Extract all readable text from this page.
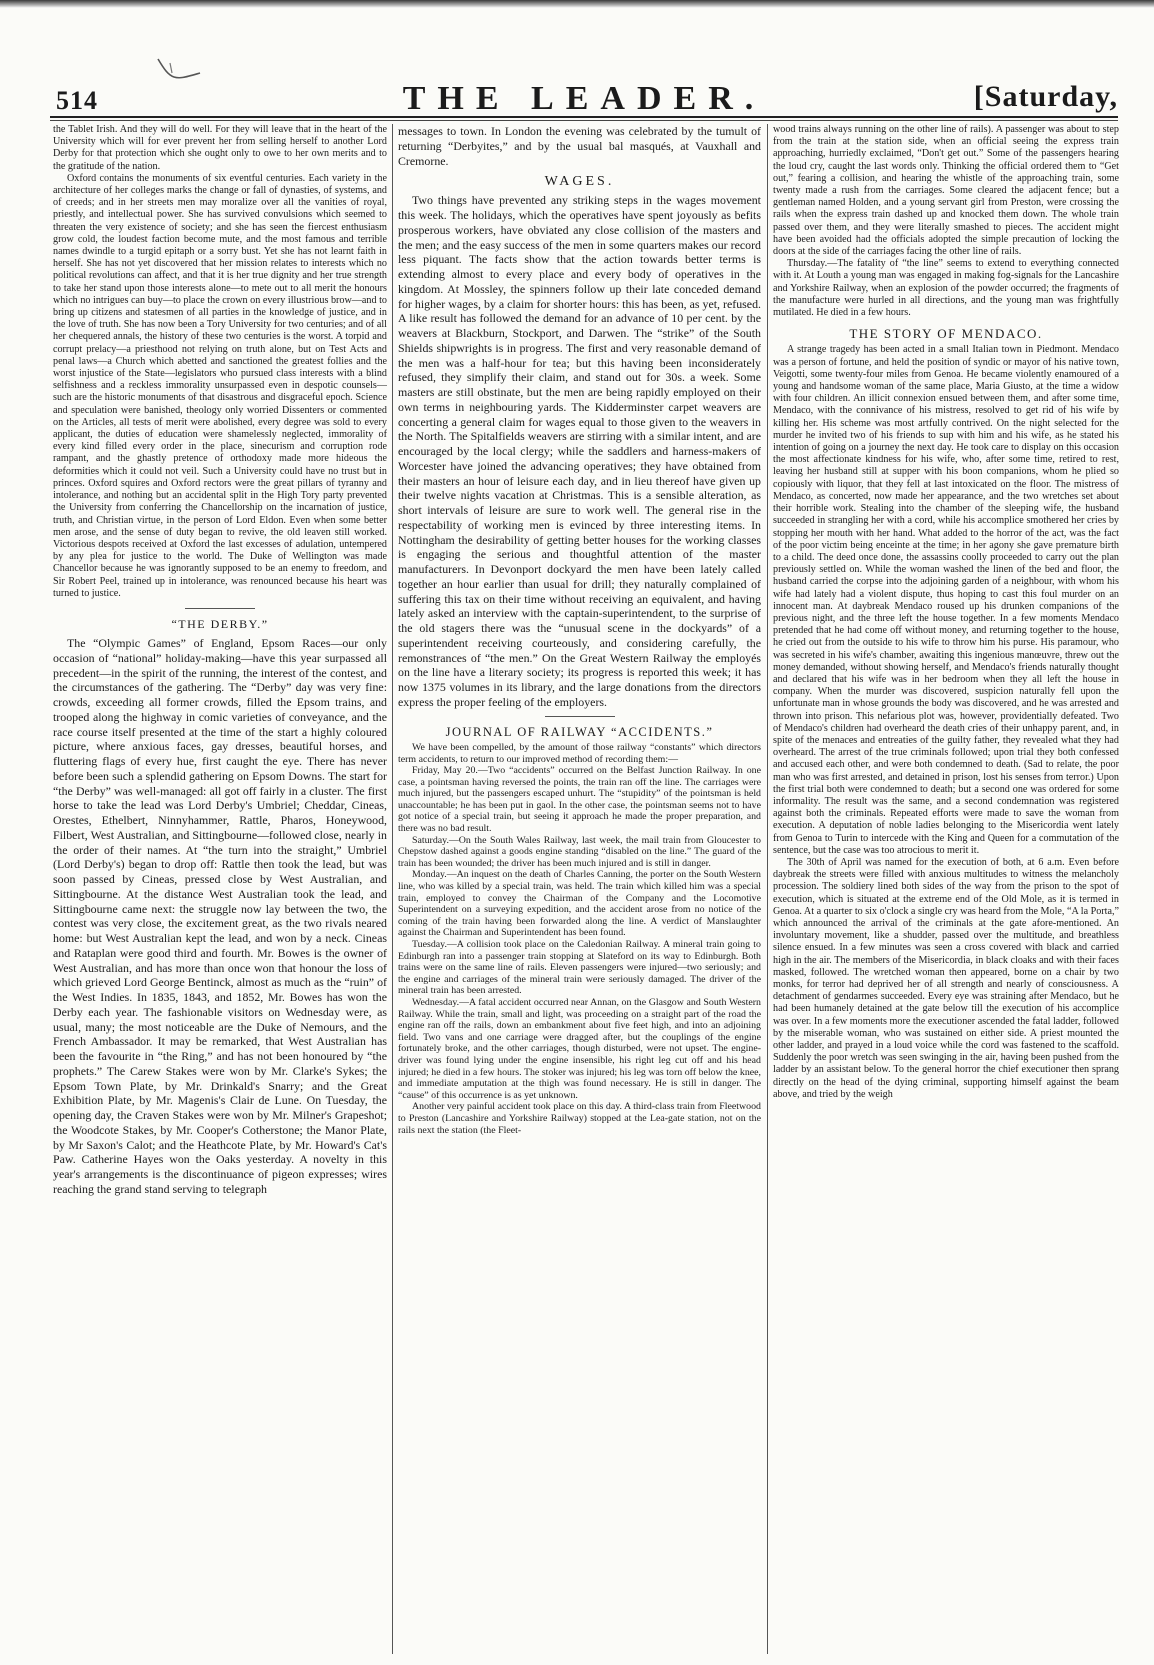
514	THE LEADER.	[Saturday,

the Tablet Irish. And they will do well. For they will leave that in the heart of the University which will for ever prevent her from selling herself to another Lord Derby for that protection which she ought only to owe to her own merits and to the gratitude of the nation.

Oxford contains the monuments of six eventful centuries. Each variety in the architecture of her colleges marks the change or fall of dynasties, of systems, and of creeds; and in her streets men may moralize over all the vanities of royal, priestly, and intellectual power. She has survived convulsions which seemed to threaten the very existence of society; and she has seen the fiercest enthusiasm grow cold, the loudest faction become mute, and the most famous and terrible names dwindle to a turgid epitaph or a sorry bust. Yet she has not learnt faith in herself. She has not yet discovered that her mission relates to interests which no political revolutions can affect, and that it is her true dignity and her true strength to take her stand upon those interests alone—to mete out to all merit the honours which no intrigues can buy—to place the crown on every illustrious brow—and to bring up citizens and statesmen of all parties in the knowledge of justice, and in the love of truth. She has now been a Tory University for two centuries; and of all her chequered annals, the history of these two centuries is the worst. A torpid and corrupt prelacy—a priesthood not relying on truth alone, but on Test Acts and penal laws—a Church which abetted and sanctioned the greatest follies and the worst injustice of the State—legislators who pursued class interests with a blind selfishness and a reckless immorality unsurpassed even in despotic counsels—such are the historic monuments of that disastrous and disgraceful epoch. Science and speculation were banished, theology only worried Dissenters or commented on the Articles, all tests of merit were abolished, every degree was sold to every applicant, the duties of education were shamelessly neglected, immorality of every kind filled every order in the place, sinecurism and corruption rode rampant, and the ghastly pretence of orthodoxy made more hideous the deformities which it could not veil. Such a University could have no trust but in princes. Oxford squires and Oxford rectors were the great pillars of tyranny and intolerance, and nothing but an accidental split in the High Tory party prevented the University from conferring the Chancellorship on the incarnation of justice, truth, and Christian virtue, in the person of Lord Eldon. Even when some better men arose, and the sense of duty began to revive, the old leaven still worked. Victorious despots received at Oxford the last excesses of adulation, untempered by any plea for justice to the world. The Duke of Wellington was made Chancellor because he was ignorantly supposed to be an enemy to freedom, and Sir Robert Peel, trained up in intolerance, was renounced because his heart was turned to justice.

“THE DERBY.”

The “Olympic Games” of England, Epsom Races—our only occasion of “national” holiday-making—have this year surpassed all precedent—in the spirit of the running, the interest of the contest, and the circumstances of the gathering. The “Derby” day was very fine: crowds, exceeding all former crowds, filled the Epsom trains, and trooped along the highway in comic varieties of conveyance, and the race course itself presented at the time of the start a highly coloured picture, where anxious faces, gay dresses, beautiful horses, and fluttering flags of every hue, first caught the eye. There has never before been such a splendid gathering on Epsom Downs. The start for “the Derby” was well-managed: all got off fairly in a cluster. The first horse to take the lead was Lord Derby's Umbriel; Cheddar, Cineas, Orestes, Ethelbert, Ninnyhammer, Rattle, Pharos, Honeywood, Filbert, West Australian, and Sittingbourne—followed close, nearly in the order of their names. At “the turn into the straight,” Umbriel (Lord Derby's) began to drop off: Rattle then took the lead, but was soon passed by Cineas, pressed close by West Australian, and Sittingbourne. At the distance West Australian took the lead, and Sittingbourne came next: the struggle now lay between the two, the contest was very close, the excitement great, as the two rivals neared home: but West Australian kept the lead, and won by a neck. Cineas and Rataplan were good third and fourth. Mr. Bowes is the owner of West Australian, and has more than once won that honour the loss of which grieved Lord George Bentinck, almost as much as the “ruin” of the West Indies. In 1835, 1843, and 1852, Mr. Bowes has won the Derby each year. The fashionable visitors on Wednesday were, as usual, many; the most noticeable are the Duke of Nemours, and the French Ambassador. It may be remarked, that West Australian has been the favourite in “the Ring,” and has not been honoured by “the prophets.” The Carew Stakes were won by Mr. Clarke's Sykes; the Epsom Town Plate, by Mr. Drinkald's Snarry; and the Great Exhibition Plate, by Mr. Magenis's Clair de Lune. On Tuesday, the opening day, the Craven Stakes were won by Mr. Milner's Grapeshot; the Woodcote Stakes, by Mr. Cooper's Cotherstone; the Manor Plate, by Mr Saxon's Calot; and the Heathcote Plate, by Mr. Howard's Cat's Paw. Catherine Hayes won the Oaks yesterday. A novelty in this year's arrangements is the discontinuance of pigeon expresses; wires reaching the grand stand serving to telegraph

messages to town. In London the evening was celebrated by the tumult of returning “Derbyites,” and by the usual bal masqués, at Vauxhall and Cremorne.

WAGES.

Two things have prevented any striking steps in the wages movement this week. The holidays, which the operatives have spent joyously as befits prosperous workers, have obviated any close collision of the masters and the men; and the easy success of the men in some quarters makes our record less piquant. The facts show that the action towards better terms is extending almost to every place and every body of operatives in the kingdom. At Mossley, the spinners follow up their late conceded demand for higher wages, by a claim for shorter hours: this has been, as yet, refused. A like result has followed the demand for an advance of 10 per cent. by the weavers at Blackburn, Stockport, and Darwen. The “strike” of the South Shields shipwrights is in progress. The first and very reasonable demand of the men was a half-hour for tea; but this having been inconsiderately refused, they simplify their claim, and stand out for 30s. a week. Some masters are still obstinate, but the men are being rapidly employed on their own terms in neighbouring yards. The Kidderminster carpet weavers are concerting a general claim for wages equal to those given to the weavers in the North. The Spitalfields weavers are stirring with a similar intent, and are encouraged by the local clergy; while the saddlers and harness-makers of Worcester have joined the advancing operatives; they have obtained from their masters an hour of leisure each day, and in lieu thereof have given up their twelve nights vacation at Christmas. This is a sensible alteration, as short intervals of leisure are sure to work well. The general rise in the respectability of working men is evinced by three interesting items. In Nottingham the desirability of getting better houses for the working classes is engaging the serious and thoughtful attention of the master manufacturers. In Devonport dockyard the men have been lately called together an hour earlier than usual for drill; they naturally complained of suffering this tax on their time without receiving an equivalent, and having lately asked an interview with the captain-superintendent, to the surprise of the old stagers there was the “unusual scene in the dockyards” of a superintendent receiving courteously, and considering carefully, the remonstrances of “the men.” On the Great Western Railway the employés on the line have a literary society; its progress is reported this week; it has now 1375 volumes in its library, and the large donations from the directors express the proper feeling of the employers.

JOURNAL OF RAILWAY “ACCIDENTS.”

We have been compelled, by the amount of those railway “constants” which directors term accidents, to return to our improved method of recording them:—

Friday, May 20.—Two “accidents” occurred on the Belfast Junction Railway. In one case, a pointsman having reversed the points, the train ran off the line. The carriages were much injured, but the passengers escaped unhurt. The “stupidity” of the pointsman is held unaccountable; he has been put in gaol. In the other case, the pointsman seems not to have got notice of a special train, but seeing it approach he made the proper preparation, and there was no bad result.

Saturday.—On the South Wales Railway, last week, the mail train from Gloucester to Chepstow dashed against a goods engine standing “disabled on the line.” The guard of the train has been wounded; the driver has been much injured and is still in danger.

Monday.—An inquest on the death of Charles Canning, the porter on the South Western line, who was killed by a special train, was held. The train which killed him was a special train, employed to convey the Chairman of the Company and the Locomotive Superintendent on a surveying expedition, and the accident arose from no notice of the coming of the train having been forwarded along the line. A verdict of Manslaughter against the Chairman and Superintendent has been found.

Tuesday.—A collision took place on the Caledonian Railway. A mineral train going to Edinburgh ran into a passenger train stopping at Slateford on its way to Edinburgh. Both trains were on the same line of rails. Eleven passengers were injured—two seriously; and the engine and carriages of the mineral train were seriously damaged. The driver of the mineral train has been arrested.

Wednesday.—A fatal accident occurred near Annan, on the Glasgow and South Western Railway. While the train, small and light, was proceeding on a straight part of the road the engine ran off the rails, down an embankment about five feet high, and into an adjoining field. Two vans and one carriage were dragged after, but the couplings of the engine fortunately broke, and the other carriages, though disturbed, were not upset. The engine-driver was found lying under the engine insensible, his right leg cut off and his head injured; he died in a few hours. The stoker was injured; his leg was torn off below the knee, and immediate amputation at the thigh was found necessary. He is still in danger. The “cause” of this occurrence is as yet unknown.

Another very painful accident took place on this day. A third-class train from Fleetwood to Preston (Lancashire and Yorkshire Railway) stopped at the Lea-gate station, not on the rails next the station (the Fleet-

wood trains always running on the other line of rails). A passenger was about to step from the train at the station side, when an official seeing the express train approaching, hurriedly exclaimed, “Don't get out.” Some of the passengers hearing the loud cry, caught the last words only. Thinking the official ordered them to “Get out,” fearing a collision, and hearing the whistle of the approaching train, some twenty made a rush from the carriages. Some cleared the adjacent fence; but a gentleman named Holden, and a young servant girl from Preston, were crossing the rails when the express train dashed up and knocked them down. The whole train passed over them, and they were literally smashed to pieces. The accident might have been avoided had the officials adopted the simple precaution of locking the doors at the side of the carriages facing the other line of rails.

Thursday.—The fatality of “the line” seems to extend to everything connected with it. At Louth a young man was engaged in making fog-signals for the Lancashire and Yorkshire Railway, when an explosion of the powder occurred; the fragments of the manufacture were hurled in all directions, and the young man was frightfully mutilated. He died in a few hours.

THE STORY OF MENDACO.

A strange tragedy has been acted in a small Italian town in Piedmont. Mendaco was a person of fortune, and held the position of syndic or mayor of his native town, Veigotti, some twenty-four miles from Genoa. He became violently enamoured of a young and handsome woman of the same place, Maria Giusto, at the time a widow with four children. An illicit connexion ensued between them, and after some time, Mendaco, with the connivance of his mistress, resolved to get rid of his wife by killing her. His scheme was most artfully contrived. On the night selected for the murder he invited two of his friends to sup with him and his wife, as he stated his intention of going on a journey the next day. He took care to display on this occasion the most affectionate kindness for his wife, who, after some time, retired to rest, leaving her husband still at supper with his boon companions, whom he plied so copiously with liquor, that they fell at last intoxicated on the floor. The mistress of Mendaco, as concerted, now made her appearance, and the two wretches set about their horrible work. Stealing into the chamber of the sleeping wife, the husband succeeded in strangling her with a cord, while his accomplice smothered her cries by stopping her mouth with her hand. What added to the horror of the act, was the fact of the poor victim being enceinte at the time; in her agony she gave premature birth to a child. The deed once done, the assassins coolly proceeded to carry out the plan previously settled on. While the woman washed the linen of the bed and floor, the husband carried the corpse into the adjoining garden of a neighbour, with whom his wife had lately had a violent dispute, thus hoping to cast this foul murder on an innocent man. At daybreak Mendaco roused up his drunken companions of the previous night, and the three left the house together. In a few moments Mendaco pretended that he had come off without money, and returning together to the house, he cried out from the outside to his wife to throw him his purse. His paramour, who was secreted in his wife's chamber, awaiting this ingenious manœuvre, threw out the money demanded, without showing herself, and Mendaco's friends naturally thought and declared that his wife was in her bedroom when they all left the house in company. When the murder was discovered, suspicion naturally fell upon the unfortunate man in whose grounds the body was discovered, and he was arrested and thrown into prison. This nefarious plot was, however, providentially defeated. Two of Mendaco's children had overheard the death cries of their unhappy parent, and, in spite of the menaces and entreaties of the guilty father, they revealed what they had overheard. The arrest of the true criminals followed; upon trial they both confessed and accused each other, and were both condemned to death. (Sad to relate, the poor man who was first arrested, and detained in prison, lost his senses from terror.) Upon the first trial both were condemned to death; but a second one was ordered for some informality. The result was the same, and a second condemnation was registered against both the criminals. Repeated efforts were made to save the woman from execution. A deputation of noble ladies belonging to the Misericordia went lately from Genoa to Turin to intercede with the King and Queen for a commutation of the sentence, but the case was too atrocious to merit it.

The 30th of April was named for the execution of both, at 6 a.m. Even before daybreak the streets were filled with anxious multitudes to witness the melancholy procession. The soldiery lined both sides of the way from the prison to the spot of execution, which is situated at the extreme end of the Old Mole, as it is termed in Genoa. At a quarter to six o'clock a single cry was heard from the Mole, “A la Porta,” which announced the arrival of the criminals at the gate afore-mentioned. An involuntary movement, like a shudder, passed over the multitude, and breathless silence ensued. In a few minutes was seen a cross covered with black and carried high in the air. The members of the Misericordia, in black cloaks and with their faces masked, followed. The wretched woman then appeared, borne on a chair by two monks, for terror had deprived her of all strength and nearly of consciousness. A detachment of gendarmes succeeded. Every eye was straining after Mendaco, but he had been humanely detained at the gate below till the execution of his accomplice was over. In a few moments more the executioner ascended the fatal ladder, followed by the miserable woman, who was sustained on either side. A priest mounted the other ladder, and prayed in a loud voice while the cord was fastened to the scaffold. Suddenly the poor wretch was seen swinging in the air, having been pushed from the ladder by an assistant below. To the general horror the chief executioner then sprang directly on the head of the dying criminal, supporting himself against the beam above, and tried by the weigh
